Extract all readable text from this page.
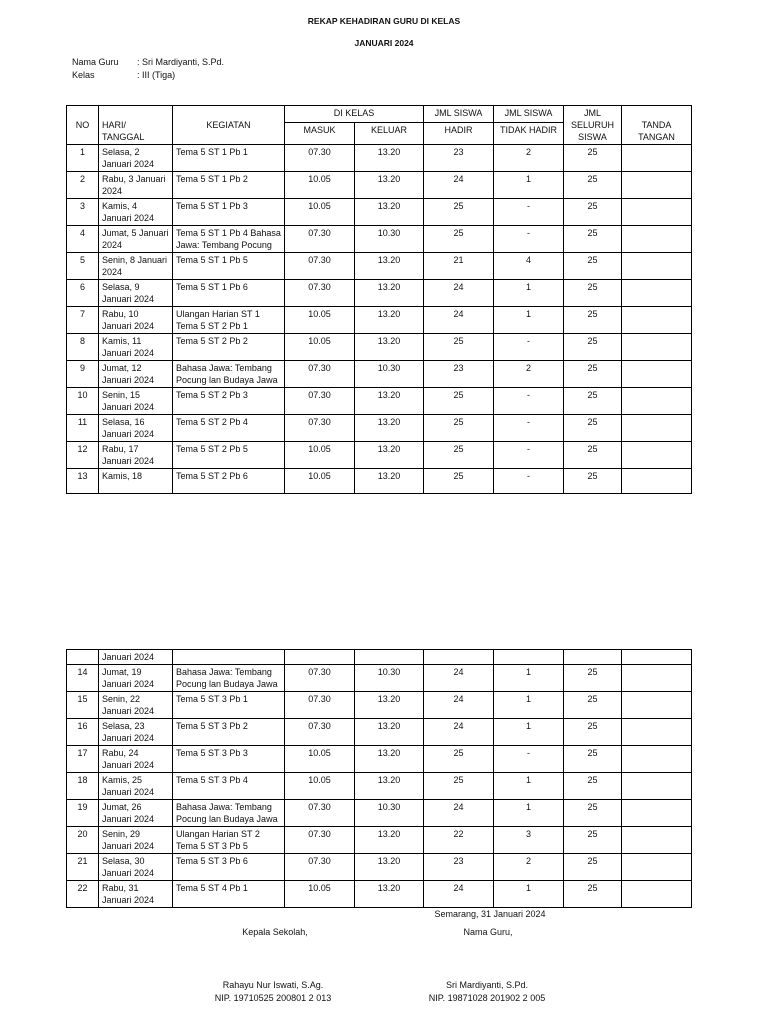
REKAP KEHADIRAN GURU DI KELAS
JANUARI 2024
Nama Guru : Sri Mardiyanti, S.Pd.
Kelas	: III (Tiga)
NO	HARI/ TANGGAL	KEGIATAN	DI KELAS		JML SISWA	JML SISWA	JML SELURUH SISWA	TANDA TANGAN
			MASUK	KELUAR	HADIR	TIDAK HADIR		
1	Selasa, 2 Januari 2024	Tema 5 ST 1 Pb 1	07.30	13.20	23	2	25	
2	Rabu, 3 Januari 2024	Tema 5 ST 1 Pb 2	10.05	13.20	24	1	25	
3	Kamis, 4 Januari 2024	Tema 5 ST 1 Pb 3	10.05	13.20	25	-	25	
4	Jumat, 5 Januari 2024	Tema 5 ST 1 Pb 4 Bahasa Jawa: Tembang Pocung	07.30	10.30	25	-	25	
5	Senin, 8 Januari 2024	Tema 5 ST 1 Pb 5	07.30	13.20	21	4	25	
6	Selasa, 9 Januari 2024	Tema 5 ST 1 Pb 6	07.30	13.20	24	1	25	
7	Rabu, 10 Januari 2024	Ulangan Harian ST 1 Tema 5 ST 2 Pb 1	10.05	13.20	24	1	25	
8	Kamis, 11 Januari 2024	Tema 5 ST 2 Pb 2	10.05	13.20	25	-	25	
9	Jumat, 12 Januari 2024	Bahasa Jawa: Tembang Pocung lan Budaya Jawa	07.30	10.30	23	2	25	
10	Senin, 15 Januari 2024	Tema 5 ST 2 Pb 3	07.30	13.20	25	-	25	
11	Selasa, 16 Januari 2024	Tema 5 ST 2 Pb 4	07.30	13.20	25	-	25	
12	Rabu, 17 Januari 2024	Tema 5 ST 2 Pb 5	10.05	13.20	25	-	25	
13	Kamis, 18	Tema 5 ST 2 Pb 6	10.05	13.20	25	-	25	
	Januari 2024							
14	Jumat, 19 Januari 2024	Bahasa Jawa: Tembang Pocung lan Budaya Jawa	07.30	10.30	24	1	25	
15	Senin, 22 Januari 2024	Tema 5 ST 3 Pb 1	07.30	13.20	24	1	25	
16	Selasa, 23 Januari 2024	Tema 5 ST 3 Pb 2	07.30	13.20	24	1	25	
17	Rabu, 24 Januari 2024	Tema 5 ST 3 Pb 3	10.05	13.20	25	-	25	
18	Kamis, 25 Januari 2024	Tema 5 ST 3 Pb 4	10.05	13.20	25	1	25	
19	Jumat, 26 Januari 2024	Bahasa Jawa: Tembang Pocung lan Budaya Jawa	07.30	10.30	24	1	25	
20	Senin, 29 Januari 2024	Ulangan Harian ST 2 Tema 5 ST 3 Pb 5	07.30	13.20	22	3	25	
21	Selasa, 30 Januari 2024	Tema 5 ST 3 Pb 6	07.30	13.20	23	2	25	
22	Rabu, 31 Januari 2024	Tema 5 ST 4 Pb 1	10.05	13.20	24	1	25	
Semarang, 31 Januari 2024
Kepala Sekolah,	Nama Guru,
Rahayu Nur Iswati, S.Ag.
NIP. 19710525 200801 2 013
Sri Mardiyanti, S.Pd.
NIP. 19871028 201902 2 005
